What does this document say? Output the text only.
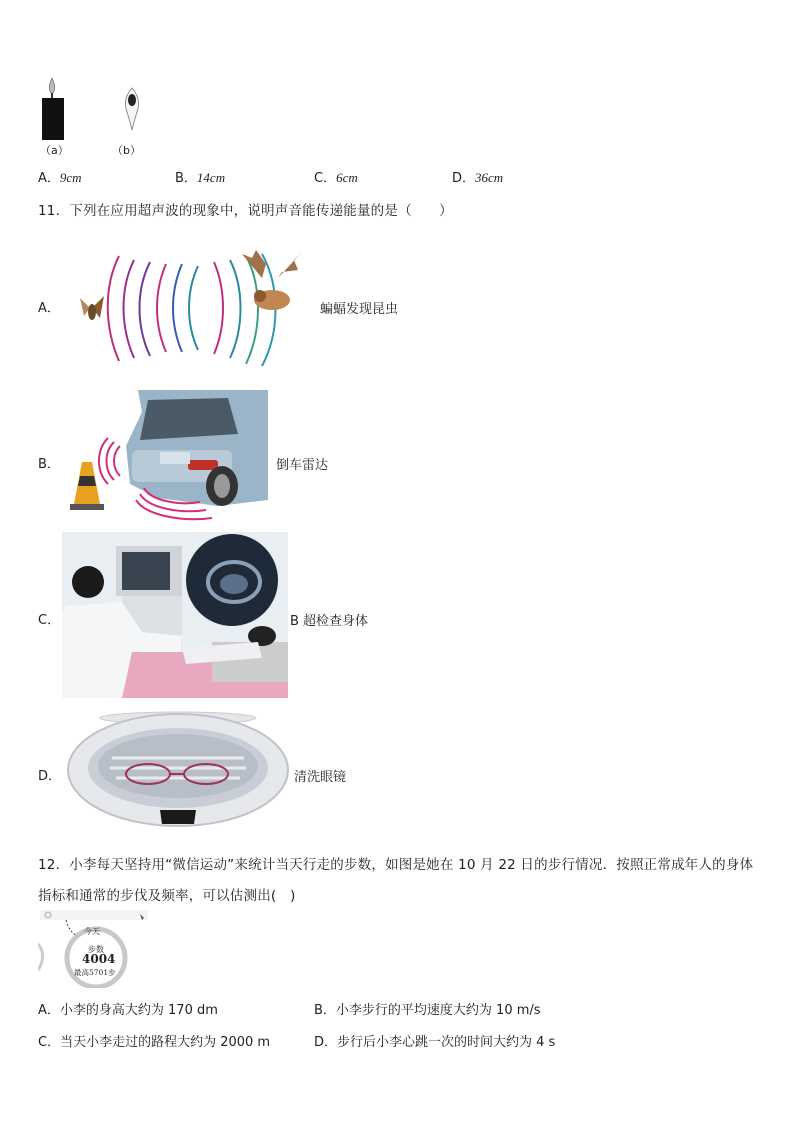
（a）	（b）
A．9cm	B．14cm	C．6cm	D．36cm
11．下列在应用超声波的现象中，说明声音能传递能量的是（　　）
A．	蝙蝠发现昆虫
B．	倒车雷达
C．	B 超检查身体
D．	清洗眼镜
12．小李每天坚持用“微信运动”来统计当天行走的步数，如图是她在 10 月 22 日的步行情况．按照正常成年人的身体
指标和通常的步伐及频率，可以估测出(　)
今天
步数
4004
最高5701步
A．小李的身高大约为 170 dm	B．小李步行的平均速度大约为 10 m/s
C．当天小李走过的路程大约为 2000 m	D．步行后小李心跳一次的时间大约为 4 s
